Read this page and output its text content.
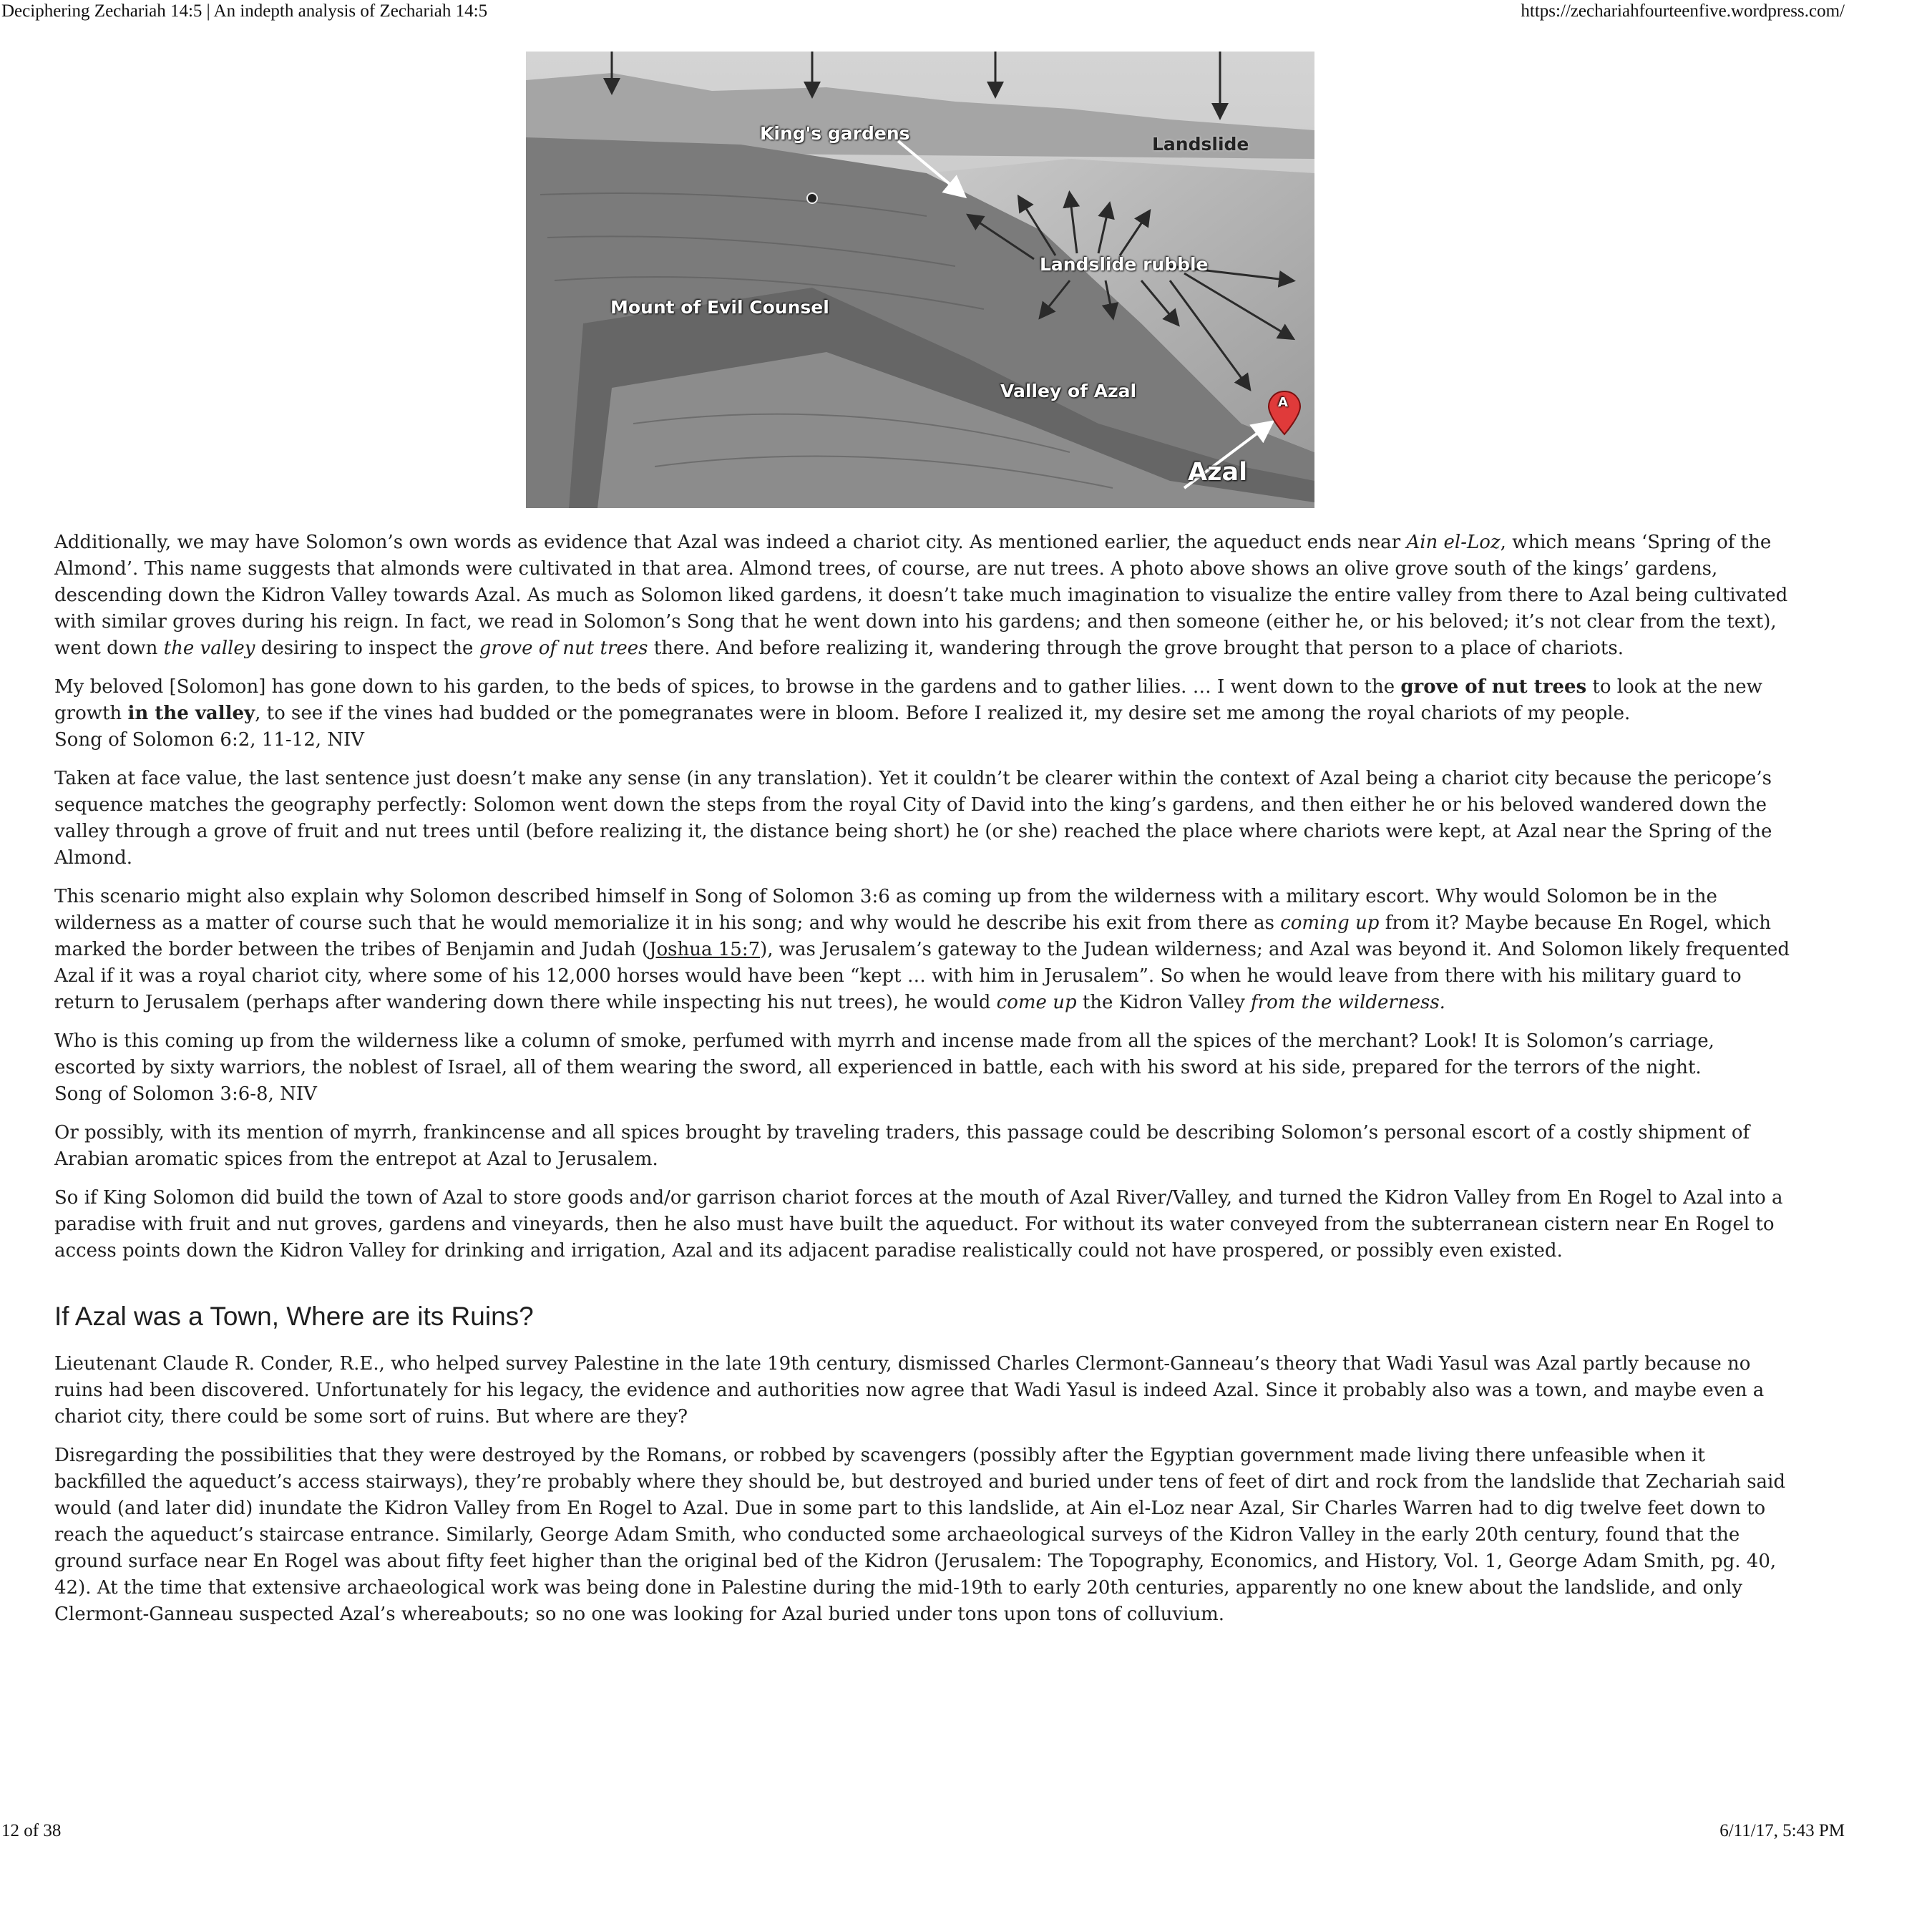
Deciphering Zechariah 14:5 | An indepth analysis of Zechariah 14:5	https://zechariahfourteenfive.wordpress.com/
King's gardens
Landslide
Landslide rubble
Mount of Evil Counsel
Valley of Azal
Azal
A

Additionally, we may have Solomon’s own words as evidence that Azal was indeed a chariot city. As mentioned earlier, the aqueduct ends near Ain el-Loz, which means ‘Spring of the Almond’. This name suggests that almonds were cultivated in that area. Almond trees, of course, are nut trees. A photo above shows an olive grove south of the kings’ gardens, descending down the Kidron Valley towards Azal. As much as Solomon liked gardens, it doesn’t take much imagination to visualize the entire valley from there to Azal being cultivated with similar groves during his reign. In fact, we read in Solomon’s Song that he went down into his gardens; and then someone (either he, or his beloved; it’s not clear from the text), went down the valley desiring to inspect the grove of nut trees there. And before realizing it, wandering through the grove brought that person to a place of chariots.

My beloved [Solomon] has gone down to his garden, to the beds of spices, to browse in the gardens and to gather lilies. … I went down to the grove of nut trees to look at the new growth in the valley, to see if the vines had budded or the pomegranates were in bloom. Before I realized it, my desire set me among the royal chariots of my people.
Song of Solomon 6:2, 11-12, NIV

Taken at face value, the last sentence just doesn’t make any sense (in any translation). Yet it couldn’t be clearer within the context of Azal being a chariot city because the pericope’s sequence matches the geography perfectly: Solomon went down the steps from the royal City of David into the king’s gardens, and then either he or his beloved wandered down the valley through a grove of fruit and nut trees until (before realizing it, the distance being short) he (or she) reached the place where chariots were kept, at Azal near the Spring of the Almond.

This scenario might also explain why Solomon described himself in Song of Solomon 3:6 as coming up from the wilderness with a military escort. Why would Solomon be in the wilderness as a matter of course such that he would memorialize it in his song; and why would he describe his exit from there as coming up from it? Maybe because En Rogel, which marked the border between the tribes of Benjamin and Judah (Joshua 15:7), was Jerusalem’s gateway to the Judean wilderness; and Azal was beyond it. And Solomon likely frequented Azal if it was a royal chariot city, where some of his 12,000 horses would have been “kept … with him in Jerusalem”. So when he would leave from there with his military guard to return to Jerusalem (perhaps after wandering down there while inspecting his nut trees), he would come up the Kidron Valley from the wilderness.

Who is this coming up from the wilderness like a column of smoke, perfumed with myrrh and incense made from all the spices of the merchant? Look! It is Solomon’s carriage, escorted by sixty warriors, the noblest of Israel, all of them wearing the sword, all experienced in battle, each with his sword at his side, prepared for the terrors of the night.
Song of Solomon 3:6-8, NIV

Or possibly, with its mention of myrrh, frankincense and all spices brought by traveling traders, this passage could be describing Solomon’s personal escort of a costly shipment of Arabian aromatic spices from the entrepot at Azal to Jerusalem.

So if King Solomon did build the town of Azal to store goods and/or garrison chariot forces at the mouth of Azal River/Valley, and turned the Kidron Valley from En Rogel to Azal into a paradise with fruit and nut groves, gardens and vineyards, then he also must have built the aqueduct. For without its water conveyed from the subterranean cistern near En Rogel to access points down the Kidron Valley for drinking and irrigation, Azal and its adjacent paradise realistically could not have prospered, or possibly even existed.

If Azal was a Town, Where are its Ruins?

Lieutenant Claude R. Conder, R.E., who helped survey Palestine in the late 19th century, dismissed Charles Clermont-Ganneau’s theory that Wadi Yasul was Azal partly because no ruins had been discovered. Unfortunately for his legacy, the evidence and authorities now agree that Wadi Yasul is indeed Azal. Since it probably also was a town, and maybe even a chariot city, there could be some sort of ruins. But where are they?

Disregarding the possibilities that they were destroyed by the Romans, or robbed by scavengers (possibly after the Egyptian government made living there unfeasible when it backfilled the aqueduct’s access stairways), they’re probably where they should be, but destroyed and buried under tens of feet of dirt and rock from the landslide that Zechariah said would (and later did) inundate the Kidron Valley from En Rogel to Azal. Due in some part to this landslide, at Ain el-Loz near Azal, Sir Charles Warren had to dig twelve feet down to reach the aqueduct’s staircase entrance. Similarly, George Adam Smith, who conducted some archaeological surveys of the Kidron Valley in the early 20th century, found that the ground surface near En Rogel was about fifty feet higher than the original bed of the Kidron (Jerusalem: The Topography, Economics, and History, Vol. 1, George Adam Smith, pg. 40, 42). At the time that extensive archaeological work was being done in Palestine during the mid-19th to early 20th centuries, apparently no one knew about the landslide, and only Clermont-Ganneau suspected Azal’s whereabouts; so no one was looking for Azal buried under tons upon tons of colluvium.

12 of 38	6/11/17, 5:43 PM
